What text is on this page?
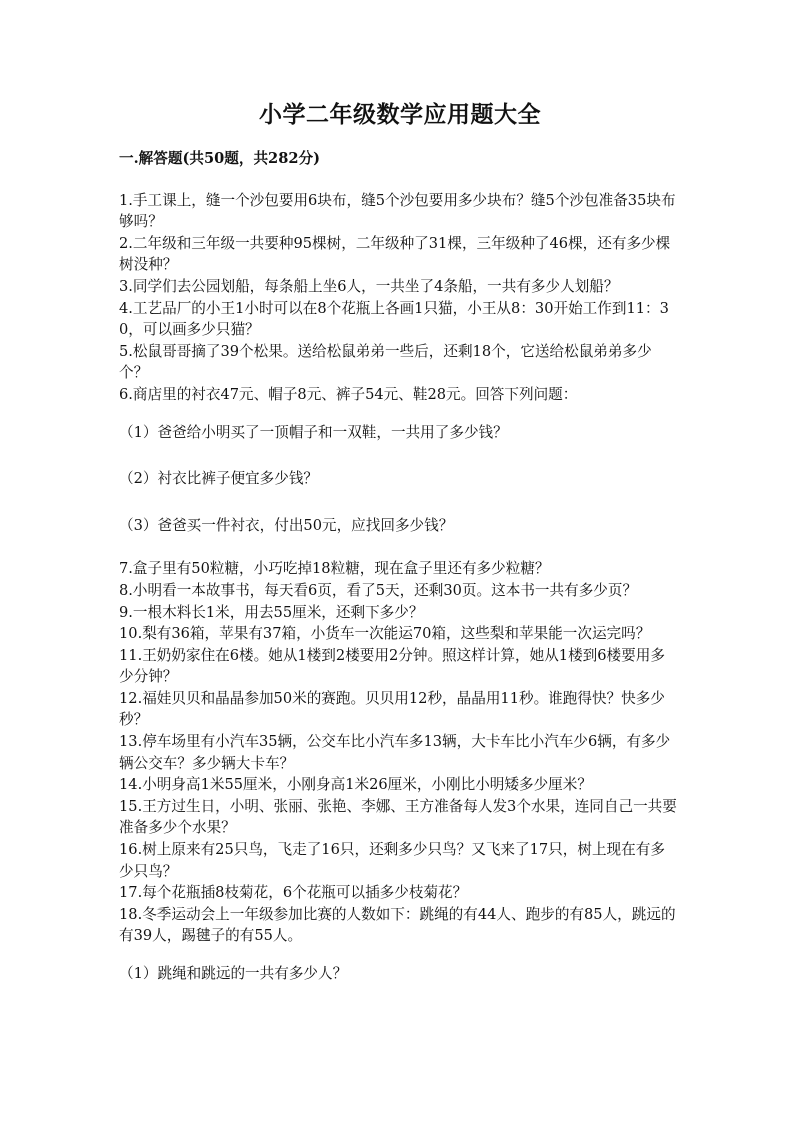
小学二年级数学应用题大全

一.解答题(共50题，共282分)

1.手工课上，缝一个沙包要用6块布，缝5个沙包要用多少块布？缝5个沙包准备35块布够吗？

2.二年级和三年级一共要种95棵树，二年级种了31棵，三年级种了46棵，还有多少棵树没种？

3.同学们去公园划船，每条船上坐6人，一共坐了4条船，一共有多少人划船？

4.工艺品厂的小王1小时可以在8个花瓶上各画1只猫，小王从8：30开始工作到11：30，可以画多少只猫？

5.松鼠哥哥摘了39个松果。送给松鼠弟弟一些后，还剩18个，它送给松鼠弟弟多少个？

6.商店里的衬衣47元、帽子8元、裤子54元、鞋28元。回答下列问题：

（1）爸爸给小明买了一顶帽子和一双鞋，一共用了多少钱？

（2）衬衣比裤子便宜多少钱？

（3）爸爸买一件衬衣，付出50元，应找回多少钱？

7.盒子里有50粒糖，小巧吃掉18粒糖，现在盒子里还有多少粒糖？

8.小明看一本故事书，每天看6页，看了5天，还剩30页。这本书一共有多少页？

9.一根木料长1米，用去55厘米，还剩下多少？

10.梨有36箱，苹果有37箱，小货车一次能运70箱，这些梨和苹果能一次运完吗？

11.王奶奶家住在6楼。她从1楼到2楼要用2分钟。照这样计算，她从1楼到6楼要用多少分钟？

12.福娃贝贝和晶晶参加50米的赛跑。贝贝用12秒，晶晶用11秒。谁跑得快？快多少秒？

13.停车场里有小汽车35辆，公交车比小汽车多13辆，大卡车比小汽车少6辆，有多少辆公交车？多少辆大卡车？

14.小明身高1米55厘米，小刚身高1米26厘米，小刚比小明矮多少厘米？

15.王方过生日，小明、张丽、张艳、李娜、王方准备每人发3个水果，连同自己一共要准备多少个水果？

16.树上原来有25只鸟，飞走了16只，还剩多少只鸟？又飞来了17只，树上现在有多少只鸟？

17.每个花瓶插8枝菊花，6个花瓶可以插多少枝菊花？

18.冬季运动会上一年级参加比赛的人数如下：跳绳的有44人、跑步的有85人，跳远的有39人，踢毽子的有55人。

（1）跳绳和跳远的一共有多少人？
